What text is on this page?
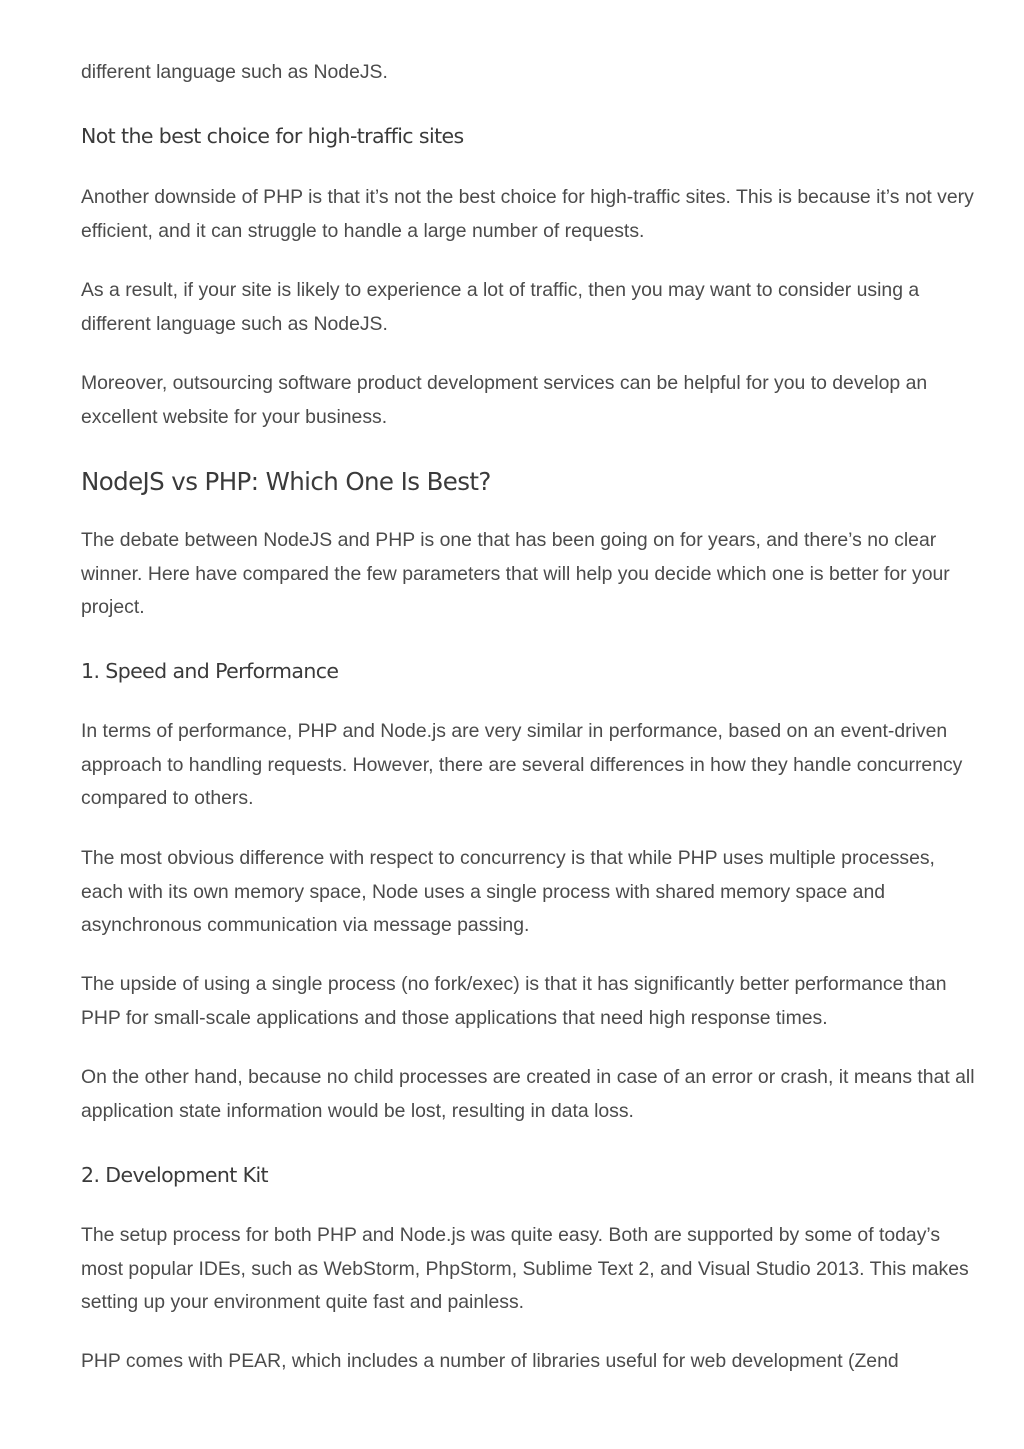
different language such as NodeJS.

Not the best choice for high-traffic sites

Another downside of PHP is that it’s not the best choice for high-traffic sites. This is because it’s not very efficient, and it can struggle to handle a large number of requests.

As a result, if your site is likely to experience a lot of traffic, then you may want to consider using a different language such as NodeJS.

Moreover, outsourcing software product development services can be helpful for you to develop an excellent website for your business.

NodeJS vs PHP: Which One Is Best?

The debate between NodeJS and PHP is one that has been going on for years, and there’s no clear winner. Here have compared the few parameters that will help you decide which one is better for your project.

1. Speed and Performance

In terms of performance, PHP and Node.js are very similar in performance, based on an event-driven approach to handling requests. However, there are several differences in how they handle concurrency compared to others.

The most obvious difference with respect to concurrency is that while PHP uses multiple processes, each with its own memory space, Node uses a single process with shared memory space and asynchronous communication via message passing.

The upside of using a single process (no fork/exec) is that it has significantly better performance than PHP for small-scale applications and those applications that need high response times.

On the other hand, because no child processes are created in case of an error or crash, it means that all application state information would be lost, resulting in data loss.

2. Development Kit

The setup process for both PHP and Node.js was quite easy. Both are supported by some of today’s most popular IDEs, such as WebStorm, PhpStorm, Sublime Text 2, and Visual Studio 2013. This makes setting up your environment quite fast and painless.

PHP comes with PEAR, which includes a number of libraries useful for web development (Zend
